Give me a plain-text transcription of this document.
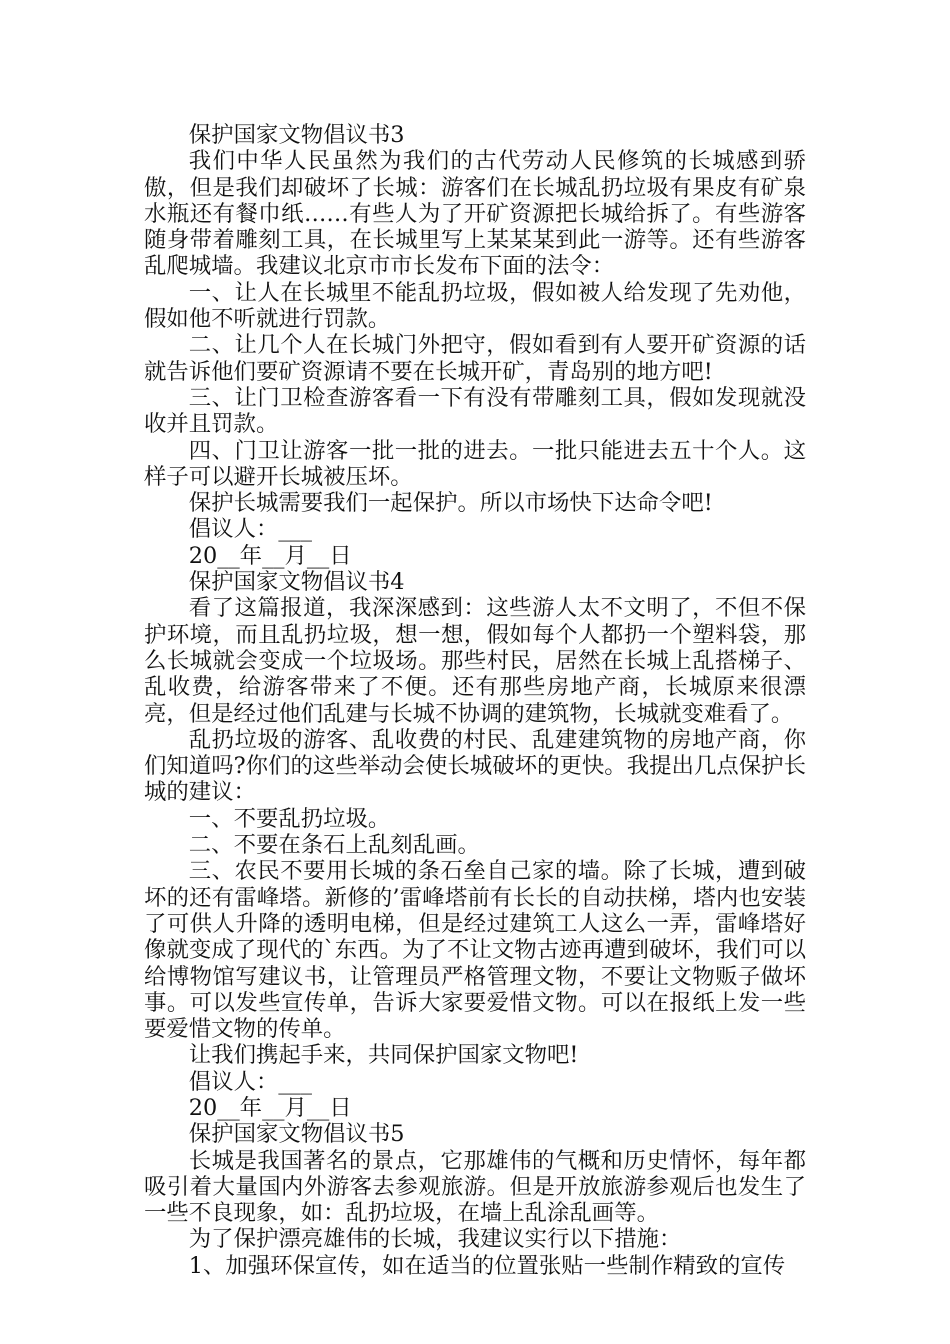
保护国家文物倡议书3

我们中华人民虽然为我们的古代劳动人民修筑的长城感到骄傲，但是我们却破坏了长城：游客们在长城乱扔垃圾有果皮有矿泉水瓶还有餐巾纸……有些人为了开矿资源把长城给拆了。有些游客随身带着雕刻工具，在长城里写上某某某到此一游等。还有些游客乱爬城墙。我建议北京市市长发布下面的法令：

一、让人在长城里不能乱扔垃圾，假如被人给发现了先劝他，假如他不听就进行罚款。

二、让几个人在长城门外把守，假如看到有人要开矿资源的话就告诉他们要矿资源请不要在长城开矿，青岛别的地方吧!

三、让门卫检查游客看一下有没有带雕刻工具，假如发现就没收并且罚款。

四、门卫让游客一批一批的进去。一批只能进去五十个人。这样子可以避开长城被压坏。

保护长城需要我们一起保护。所以市场快下达命令吧!

倡议人：___

20__年__月__日

保护国家文物倡议书4

看了这篇报道，我深深感到：这些游人太不文明了，不但不保护环境，而且乱扔垃圾，想一想，假如每个人都扔一个塑料袋，那么长城就会变成一个垃圾场。那些村民，居然在长城上乱搭梯子、乱收费，给游客带来了不便。还有那些房地产商，长城原来很漂亮，但是经过他们乱建与长城不协调的建筑物，长城就变难看了。

乱扔垃圾的游客、乱收费的村民、乱建建筑物的房地产商，你们知道吗?你们的这些举动会使长城破坏的更快。我提出几点保护长城的建议：

一、不要乱扔垃圾。

二、不要在条石上乱刻乱画。

三、农民不要用长城的条石垒自己家的墙。除了长城，遭到破坏的还有雷峰塔。新修的’雷峰塔前有长长的自动扶梯，塔内也安装了可供人升降的透明电梯，但是经过建筑工人这么一弄，雷峰塔好像就变成了现代的`东西。为了不让文物古迹再遭到破坏，我们可以给博物馆写建议书，让管理员严格管理文物，不要让文物贩子做坏事。可以发些宣传单，告诉大家要爱惜文物。可以在报纸上发一些要爱惜文物的传单。

让我们携起手来，共同保护国家文物吧!

倡议人：___

20__年__月__日

保护国家文物倡议书5

长城是我国著名的景点，它那雄伟的气概和历史情怀，每年都吸引着大量国内外游客去参观旅游。但是开放旅游参观后也发生了一些不良现象，如：乱扔垃圾，在墙上乱涂乱画等。

为了保护漂亮雄伟的长城，我建议实行以下措施：

1、加强环保宣传，如在适当的位置张贴一些制作精致的宣传
